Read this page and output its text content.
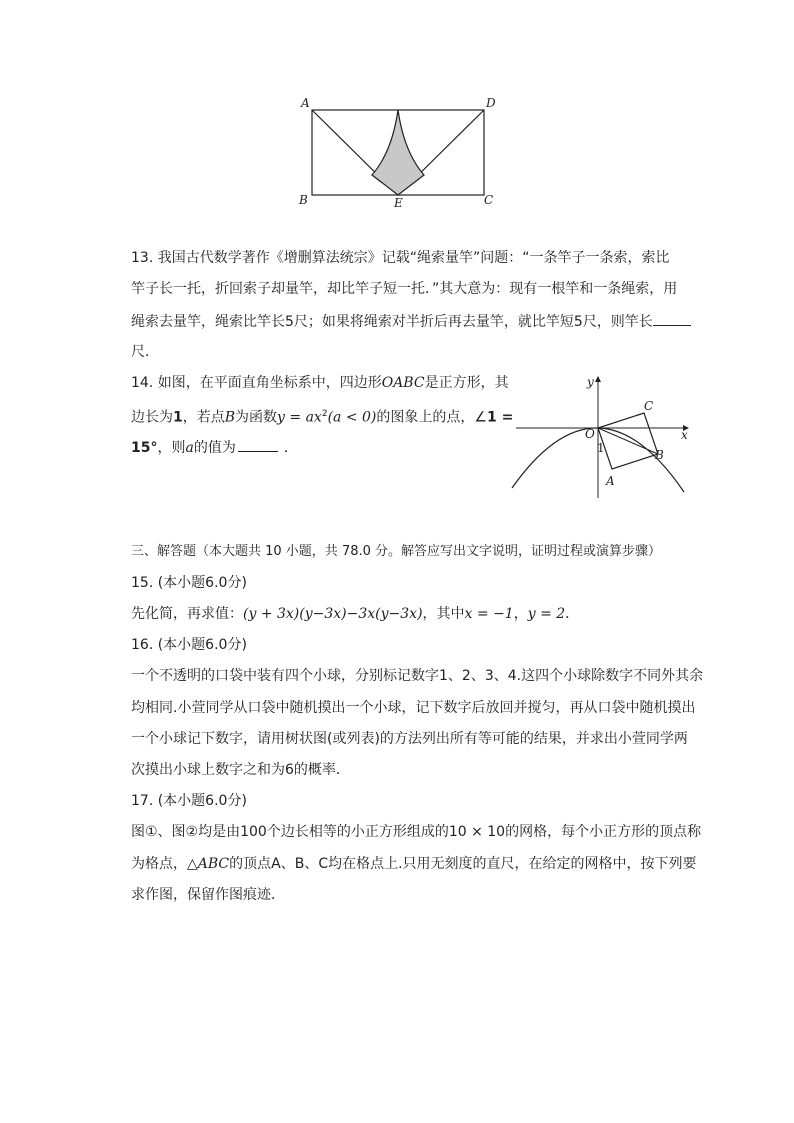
A	D
B	E	C
13. 我国古代数学著作《增删算法统宗》记载“绳索量竿”问题：“一条竿子一条索，索比
竿子长一托，折回索子却量竿，却比竿子短一托．”其大意为：现有一根竿和一条绳索，用
绳索去量竿，绳索比竿长5尺；如果将绳索对半折后再去量竿，就比竿短5尺，则竿长
尺．
14. 如图，在平面直角坐标系中，四边形OABC是正方形，其
边长为1，若点B为函数$y = ax^2(a < 0)$的图象上的点，∠1 =
15°，则a的值为	．
y
x
O
C
B
A
1
三、解答题（本大题共 10 小题，共 78.0 分。解答应写出文字说明，证明过程或演算步骤）
15. (本小题6.0分)
先化简，再求值：(y + 3x)(y−3x)−3x(y−3x)，其中x = −1，y = 2．
16. (本小题6.0分)
一个不透明的口袋中装有四个小球，分别标记数字1、2、3、4.这四个小球除数字不同外其余
均相同.小萱同学从口袋中随机摸出一个小球，记下数字后放回并搅匀，再从口袋中随机摸出
一个小球记下数字，请用树状图(或列表)的方法列出所有等可能的结果，并求出小萱同学两
次摸出小球上数字之和为6的概率．
17. (本小题6.0分)
图①、图②均是由100个边长相等的小正方形组成的10 × 10的网格，每个小正方形的顶点称
为格点，△ABC的顶点A、B、C均在格点上.只用无刻度的直尺，在给定的网格中，按下列要
求作图，保留作图痕迹．
